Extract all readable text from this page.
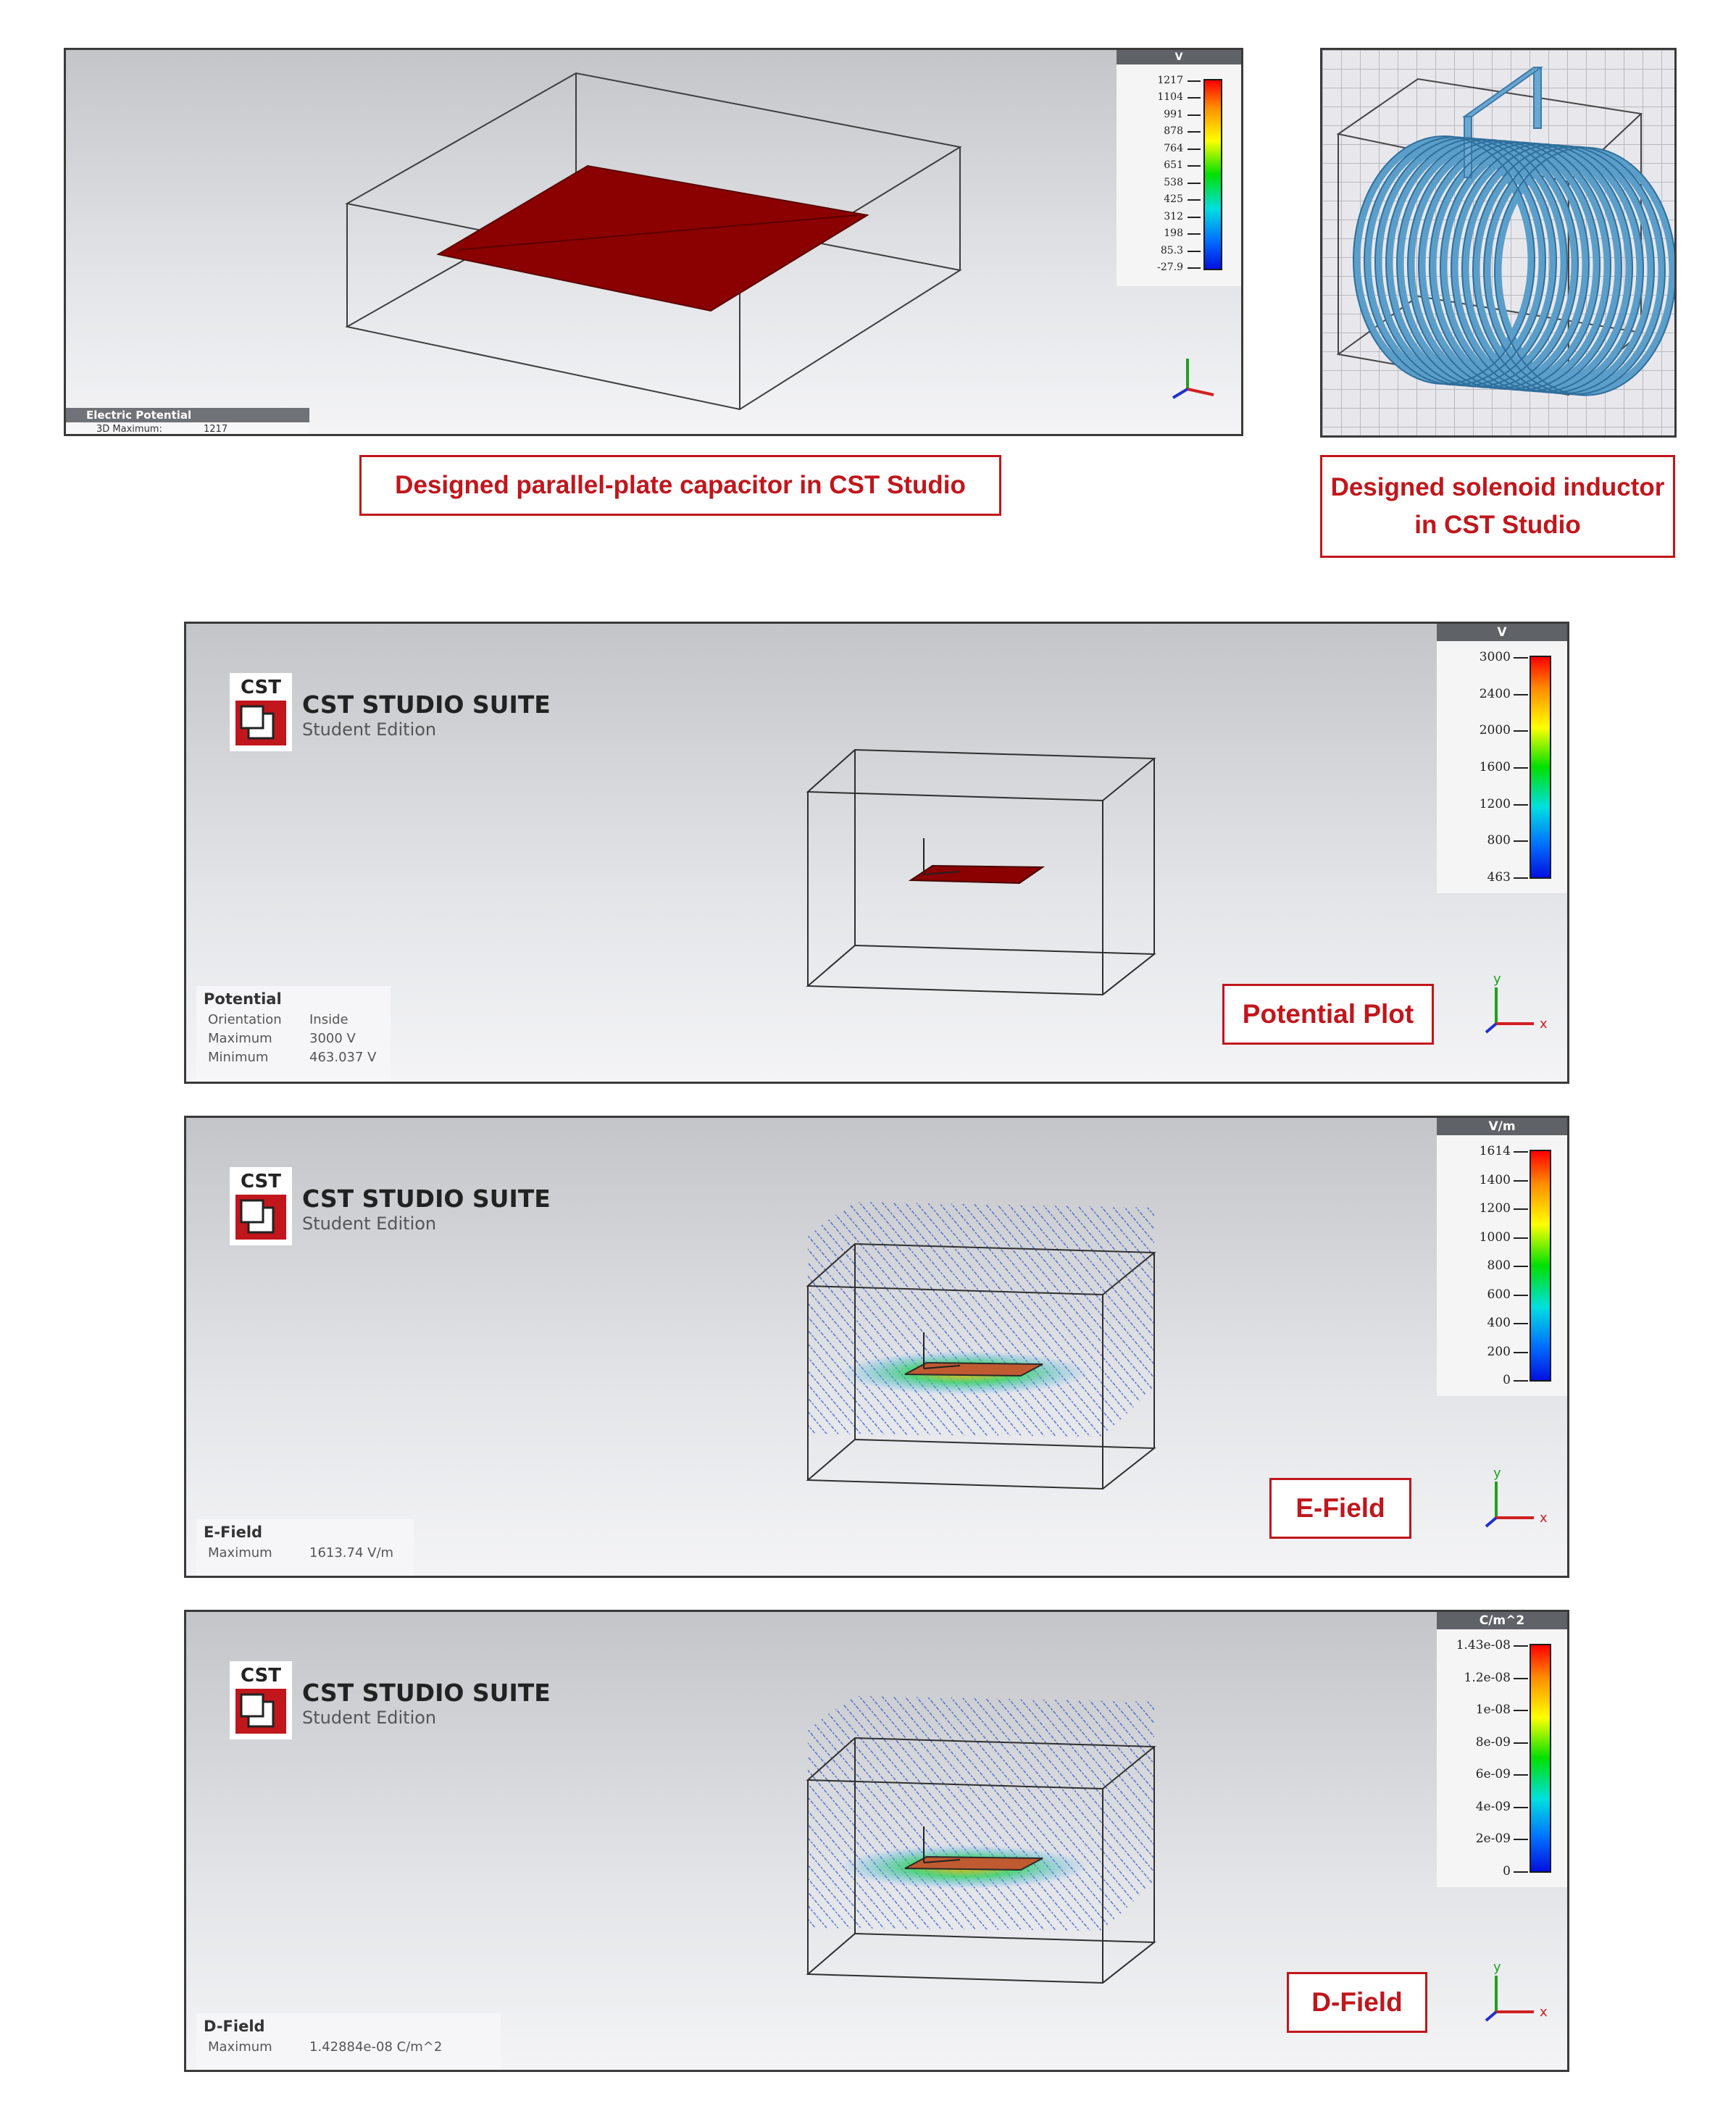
V
1217
1104
991
878
764
651
538
425
312
198
85.3
-27.9
Electric Potential
3D Maximum:	1217
Designed parallel-plate capacitor in CST Studio	Designed solenoid inductor in CST Studio
CST
CST STUDIO SUITE
Student Edition
y
x
V
3000
2400
2000
1600
1200
800
463
Potential
Orientation Inside
Maximum	3000 V
Minimum	463.037 V
Potential Plot
CST
CST STUDIO SUITE
Student Edition
y
x
V/m
1614
1400
1200
1000
800
600
400
200
0
E-Field
Maximum	1613.74 V/m
E-Field
CST
CST STUDIO SUITE
Student Edition
y
x
C/m^2
1.43e-08
1.2e-08
1e-08
8e-09
6e-09
4e-09
2e-09
0
D-Field
Maximum	1.42884e-08 C/m^2
D-Field
